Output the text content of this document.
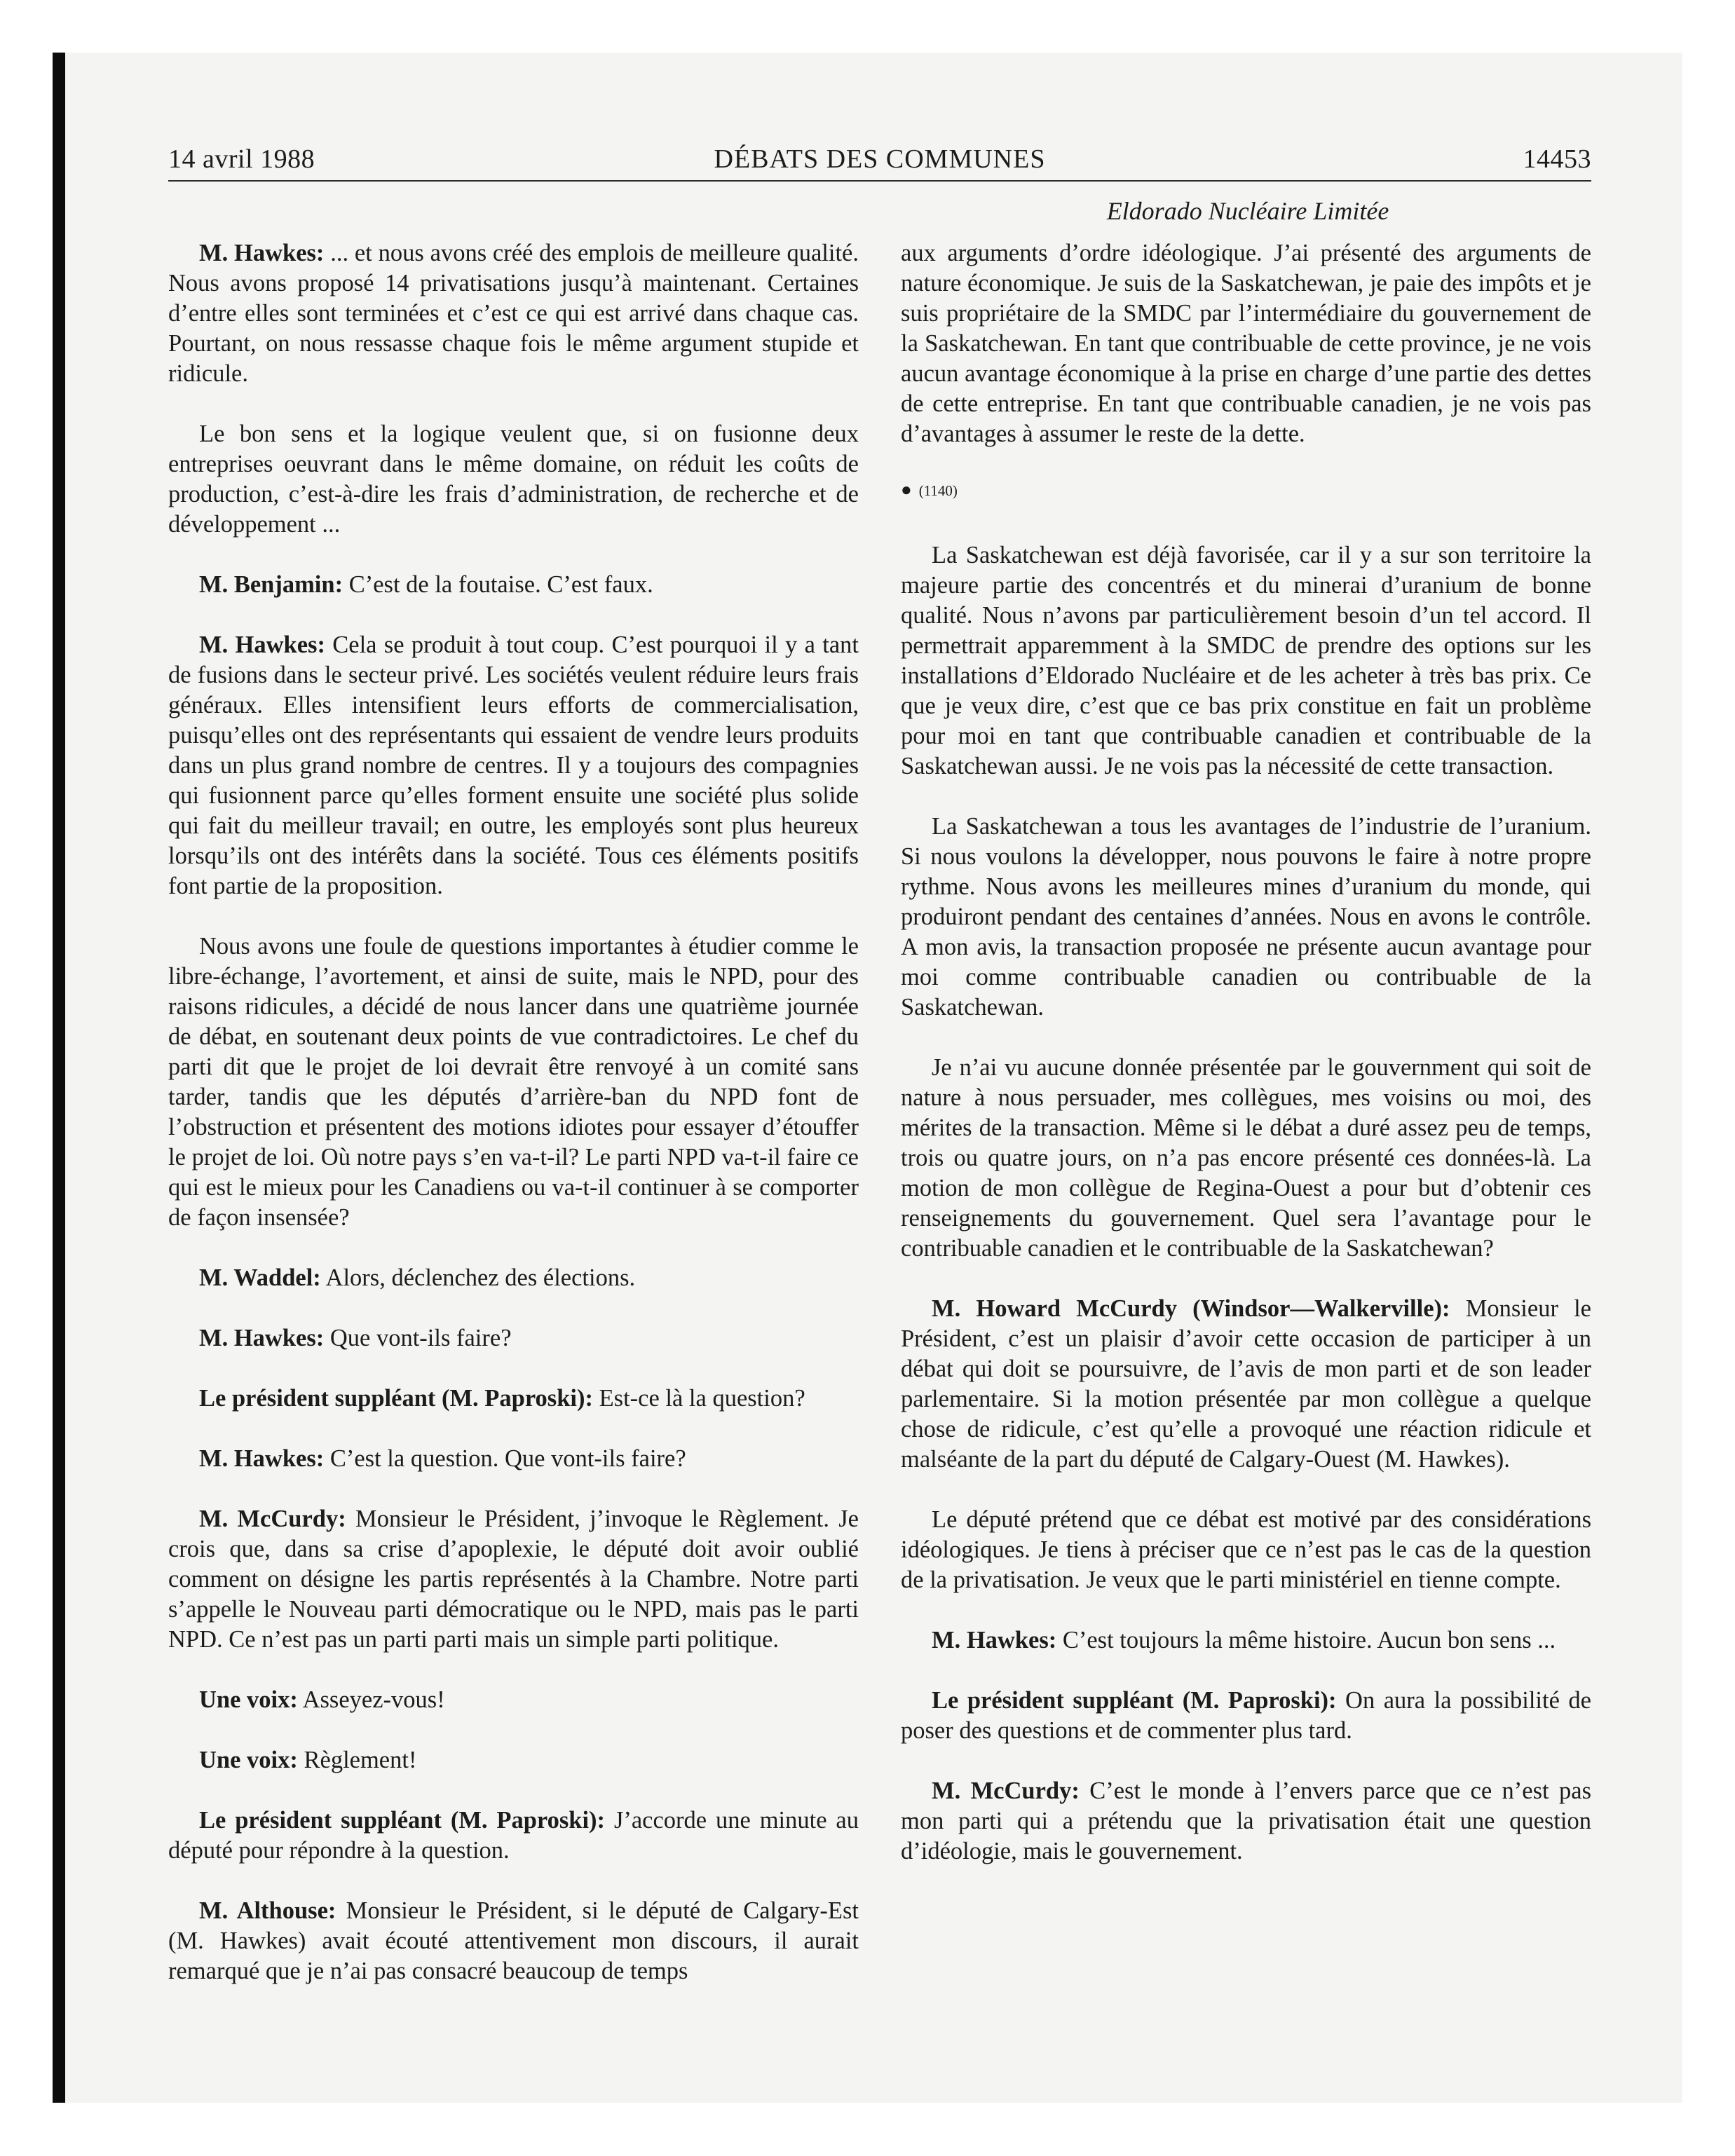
14 avril 1988	DÉBATS DES COMMUNES	14453
Eldorado Nucléaire Limitée

M. Hawkes: ... et nous avons créé des emplois de meilleure qualité. Nous avons proposé 14 privatisations jusqu’à maintenant. Certaines d’entre elles sont terminées et c’est ce qui est arrivé dans chaque cas. Pourtant, on nous ressasse chaque fois le même argument stupide et ridicule.

Le bon sens et la logique veulent que, si on fusionne deux entreprises oeuvrant dans le même domaine, on réduit les coûts de production, c’est-à-dire les frais d’administration, de recherche et de développement ...

M. Benjamin: C’est de la foutaise. C’est faux.

M. Hawkes: Cela se produit à tout coup. C’est pourquoi il y a tant de fusions dans le secteur privé. Les sociétés veulent réduire leurs frais généraux. Elles intensifient leurs efforts de commercialisation, puisqu’elles ont des représentants qui essaient de vendre leurs produits dans un plus grand nombre de centres. Il y a toujours des compagnies qui fusionnent parce qu’elles forment ensuite une société plus solide qui fait du meilleur travail; en outre, les employés sont plus heureux lorsqu’ils ont des intérêts dans la société. Tous ces éléments positifs font partie de la proposition.

Nous avons une foule de questions importantes à étudier comme le libre-échange, l’avortement, et ainsi de suite, mais le NPD, pour des raisons ridicules, a décidé de nous lancer dans une quatrième journée de débat, en soutenant deux points de vue contradictoires. Le chef du parti dit que le projet de loi devrait être renvoyé à un comité sans tarder, tandis que les députés d’arrière-ban du NPD font de l’obstruction et présentent des motions idiotes pour essayer d’étouffer le projet de loi. Où notre pays s’en va-t-il? Le parti NPD va-t-il faire ce qui est le mieux pour les Canadiens ou va-t-il continuer à se comporter de façon insensée?

M. Waddel: Alors, déclenchez des élections.

M. Hawkes: Que vont-ils faire?

Le président suppléant (M. Paproski): Est-ce là la question?

M. Hawkes: C’est la question. Que vont-ils faire?

M. McCurdy: Monsieur le Président, j’invoque le Règlement. Je crois que, dans sa crise d’apoplexie, le député doit avoir oublié comment on désigne les partis représentés à la Chambre. Notre parti s’appelle le Nouveau parti démocratique ou le NPD, mais pas le parti NPD. Ce n’est pas un parti parti mais un simple parti politique.

Une voix: Asseyez-vous!

Une voix: Règlement!

Le président suppléant (M. Paproski): J’accorde une minute au député pour répondre à la question.

M. Althouse: Monsieur le Président, si le député de Calgary-Est (M. Hawkes) avait écouté attentivement mon discours, il aurait remarqué que je n’ai pas consacré beaucoup de temps

aux arguments d’ordre idéologique. J’ai présenté des arguments de nature économique. Je suis de la Saskatchewan, je paie des impôts et je suis propriétaire de la SMDC par l’intermédiaire du gouvernement de la Saskatchewan. En tant que contribuable de cette province, je ne vois aucun avantage économique à la prise en charge d’une partie des dettes de cette entreprise. En tant que contribuable canadien, je ne vois pas d’avantages à assumer le reste de la dette.

● (1140)

La Saskatchewan est déjà favorisée, car il y a sur son territoire la majeure partie des concentrés et du minerai d’uranium de bonne qualité. Nous n’avons par particulièrement besoin d’un tel accord. Il permettrait apparemment à la SMDC de prendre des options sur les installations d’Eldorado Nucléaire et de les acheter à très bas prix. Ce que je veux dire, c’est que ce bas prix constitue en fait un problème pour moi en tant que contribuable canadien et contribuable de la Saskatchewan aussi. Je ne vois pas la nécessité de cette transaction.

La Saskatchewan a tous les avantages de l’industrie de l’uranium. Si nous voulons la développer, nous pouvons le faire à notre propre rythme. Nous avons les meilleures mines d’uranium du monde, qui produiront pendant des centaines d’années. Nous en avons le contrôle. A mon avis, la transaction proposée ne présente aucun avantage pour moi comme contribuable canadien ou contribuable de la Saskatchewan.

Je n’ai vu aucune donnée présentée par le gouvernment qui soit de nature à nous persuader, mes collègues, mes voisins ou moi, des mérites de la transaction. Même si le débat a duré assez peu de temps, trois ou quatre jours, on n’a pas encore présenté ces données-là. La motion de mon collègue de Regina-Ouest a pour but d’obtenir ces renseignements du gouvernement. Quel sera l’avantage pour le contribuable canadien et le contribuable de la Saskatchewan?

M. Howard McCurdy (Windsor—Walkerville): Monsieur le Président, c’est un plaisir d’avoir cette occasion de participer à un débat qui doit se poursuivre, de l’avis de mon parti et de son leader parlementaire. Si la motion présentée par mon collègue a quelque chose de ridicule, c’est qu’elle a provoqué une réaction ridicule et malséante de la part du député de Calgary-Ouest (M. Hawkes).

Le député prétend que ce débat est motivé par des considérations idéologiques. Je tiens à préciser que ce n’est pas le cas de la question de la privatisation. Je veux que le parti ministériel en tienne compte.

M. Hawkes: C’est toujours la même histoire. Aucun bon sens ...

Le président suppléant (M. Paproski): On aura la possibilité de poser des questions et de commenter plus tard.

M. McCurdy: C’est le monde à l’envers parce que ce n’est pas mon parti qui a prétendu que la privatisation était une question d’idéologie, mais le gouvernement.
